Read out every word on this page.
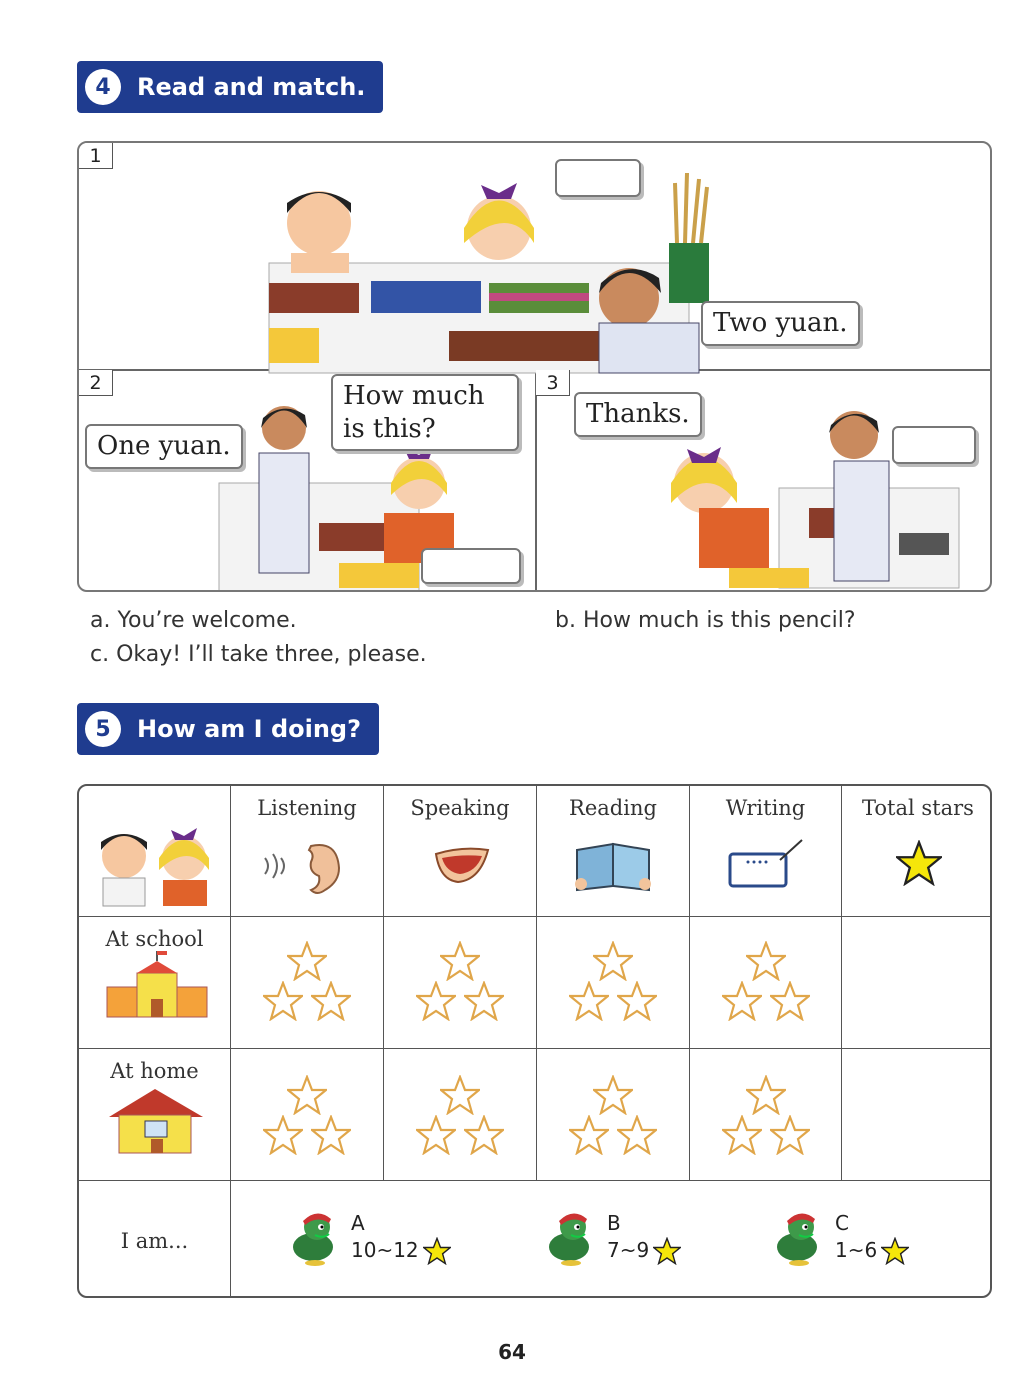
4	Read and match.
1
Two yuan.
2
One yuan.
How much is this?
3
Thanks.
a. You’re welcome.	b. How much is this pencil?
c. Okay! I’ll take three, please.
5	How am I doing?
Listening	Speaking	Reading	Writing	Total stars
At school
At home
I am...
A
10~12
B
7~9
C
1~6
64
